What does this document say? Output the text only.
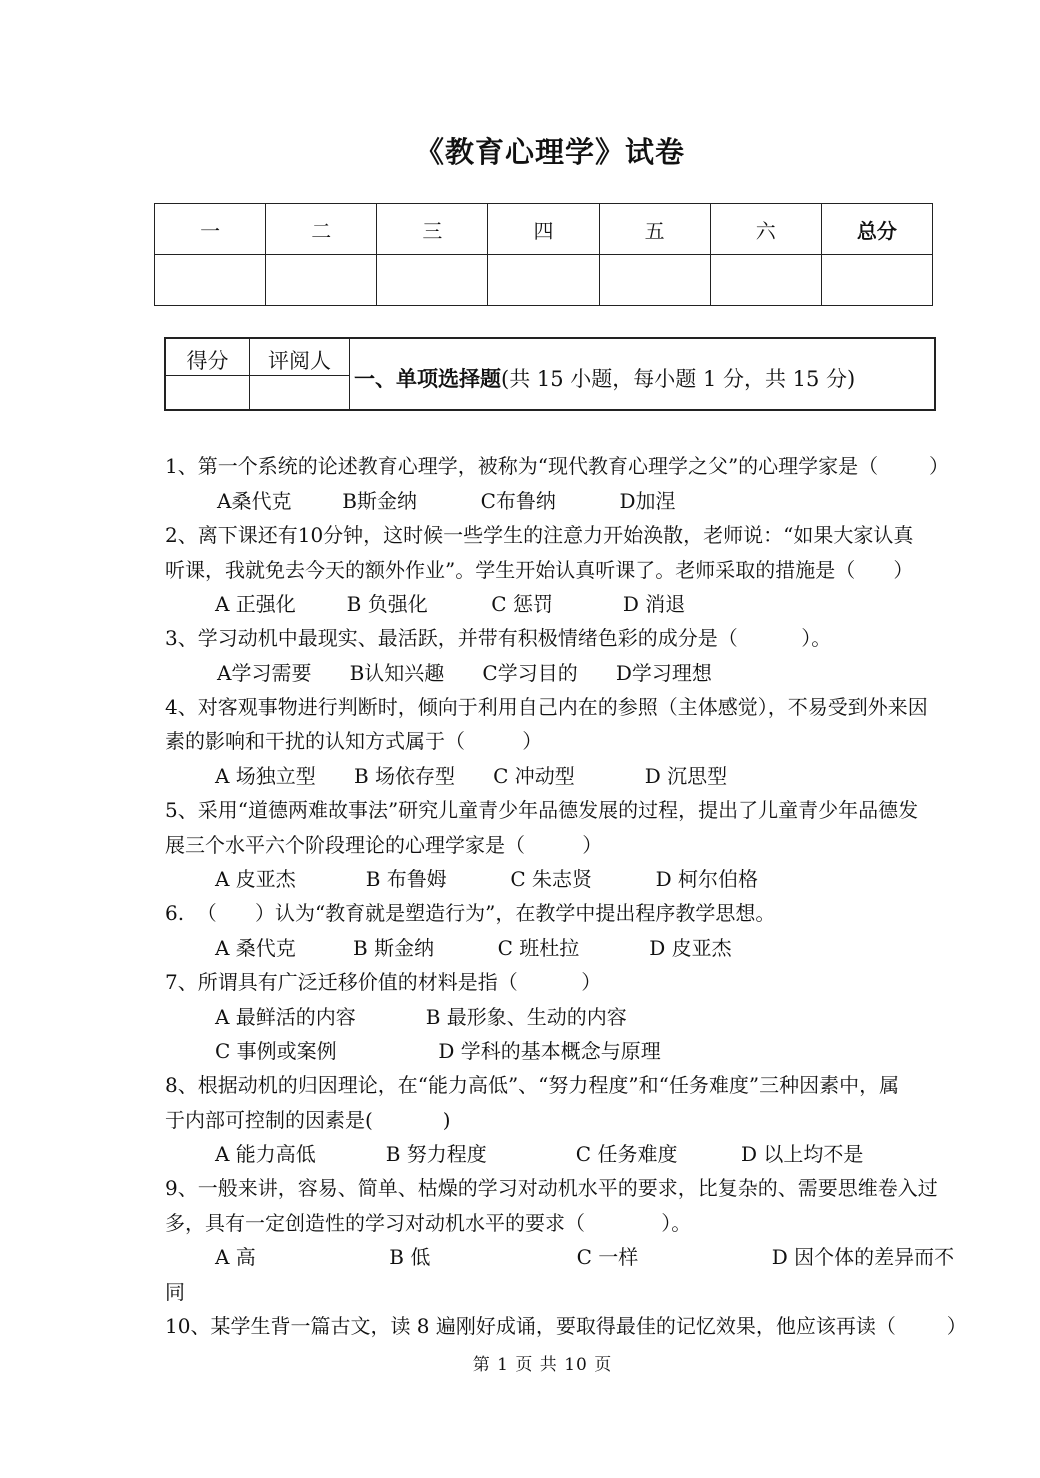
《教育心理学》试卷
一	二	三	四	五	六	总分

得分	评阅人
一、单项选择题(共 15 小题，每小题 1 分，共 15 分)
1、第一个系统的论述教育心理学，被称为“现代教育心理学之父”的心理学家是（        ）
A桑代克        B斯金纳          C布鲁纳          D加涅
2、离下课还有10分钟，这时候一些学生的注意力开始涣散，老师说：“如果大家认真
听课，我就免去今天的额外作业”。学生开始认真听课了。老师采取的措施是（      ）
A 正强化        B 负强化          C 惩罚           D 消退
3、学习动机中最现实、最活跃，并带有积极情绪色彩的成分是（          ）。
A学习需要      B认知兴趣      C学习目的      D学习理想
4、对客观事物进行判断时，倾向于利用自己内在的参照（主体感觉），不易受到外来因
素的影响和干扰的认知方式属于（         ）
A 场独立型      B 场依存型      C 冲动型           D 沉思型
5、采用“道德两难故事法”研究儿童青少年品德发展的过程，提出了儿童青少年品德发
展三个水平六个阶段理论的心理学家是（         ）
A 皮亚杰           B 布鲁姆          C 朱志贤          D 柯尔伯格
6.  （      ）认为“教育就是塑造行为”，在教学中提出程序教学思想。
A 桑代克         B 斯金纳          C 班杜拉           D 皮亚杰
7、所谓具有广泛迁移价值的材料是指（          ）
A 最鲜活的内容           B 最形象、生动的内容
C 事例或案例                D 学科的基本概念与原理
8、根据动机的归因理论，在“能力高低”、“努力程度”和“任务难度”三种因素中，属
于内部可控制的因素是(           )
A 能力高低           B 努力程度              C 任务难度          D 以上均不是
9、一般来讲，容易、简单、枯燥的学习对动机水平的要求，比复杂的、需要思维卷入过
多，具有一定创造性的学习对动机水平的要求（            ）。
A 高                     B 低                       C 一样                     D 因个体的差异而不
同
10、某学生背一篇古文，读 8 遍刚好成诵，要取得最佳的记忆效果，他应该再读（        ）
第 1 页 共 10 页
